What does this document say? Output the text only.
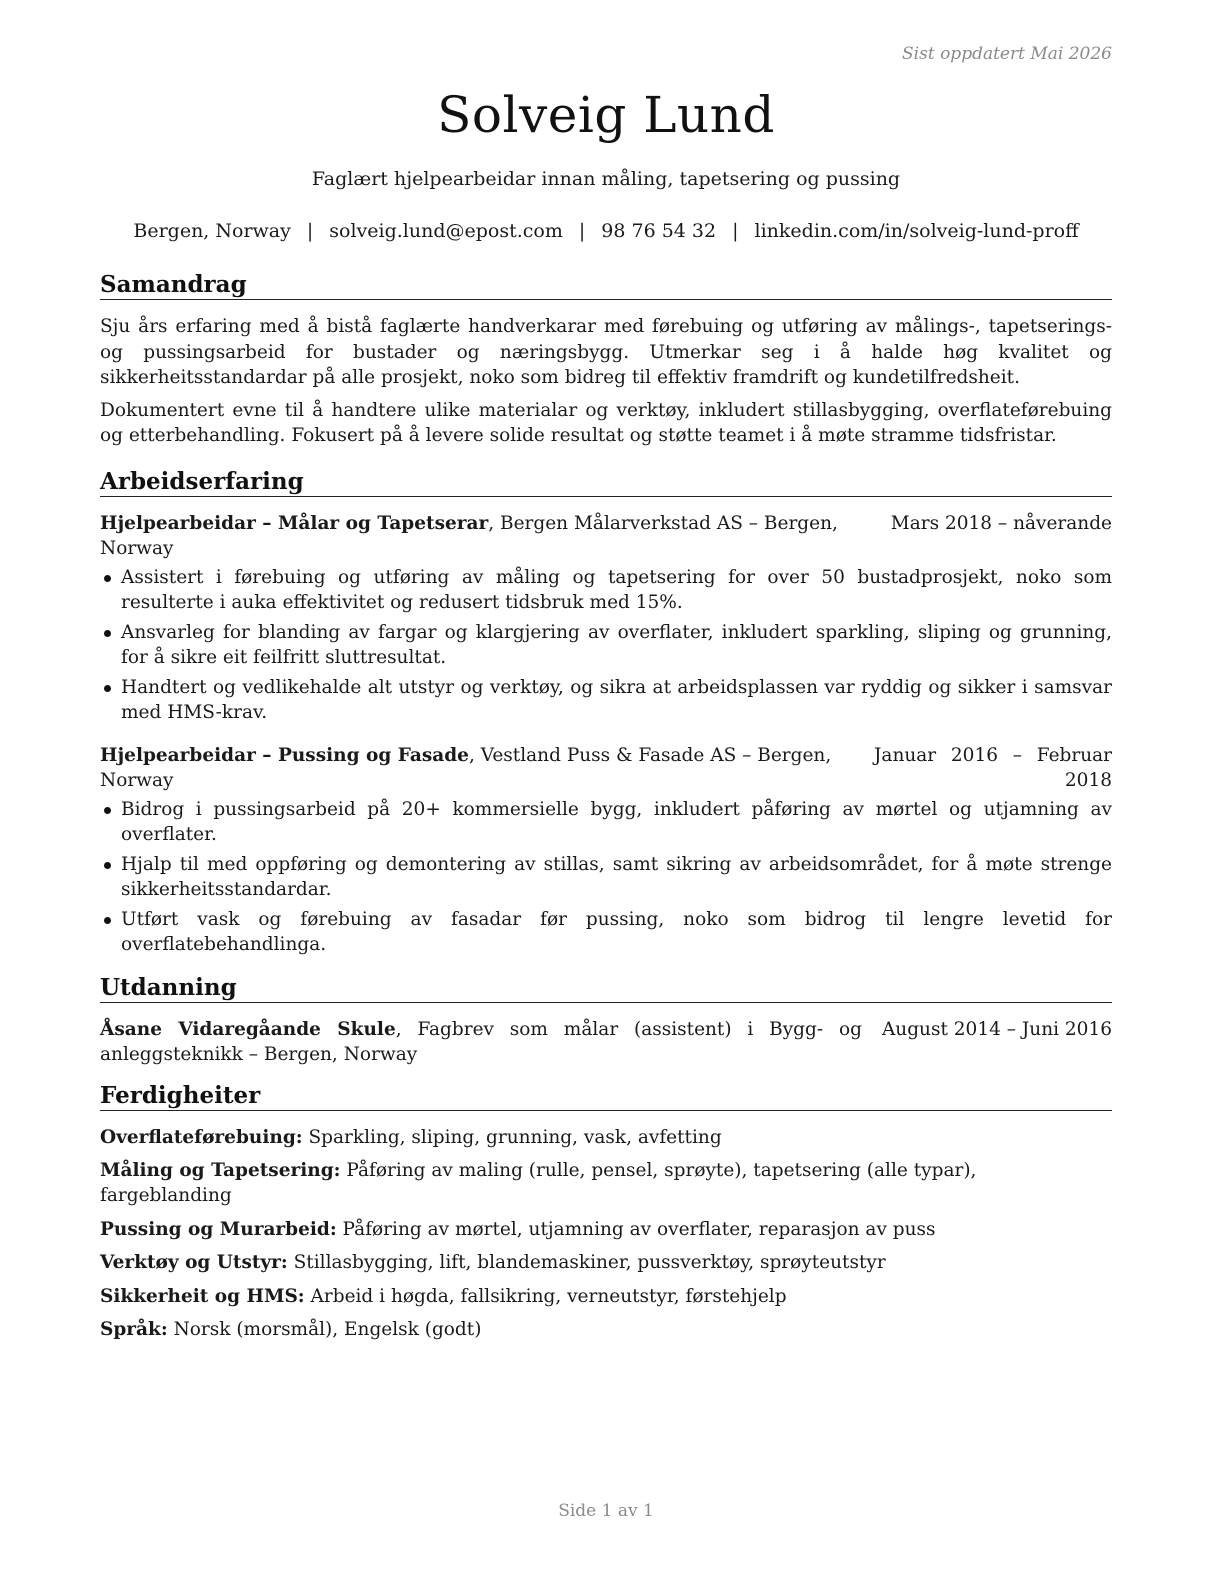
Sist oppdatert Mai 2026
Solveig Lund
Faglært hjelpearbeidar innan måling, tapetsering og pussing
Bergen, Norway | solveig.lund@epost.com | 98 76 54 32 | linkedin.com/in/solveig-lund-proff
Samandrag

Sju års erfaring med å bistå faglærte handverkarar med førebuing og utføring av målings-, tapetserings- og pussingsarbeid for bustader og næringsbygg. Utmerkar seg i å halde høg kvalitet og sikkerheitsstandardar på alle prosjekt, noko som bidreg til effektiv framdrift og kundetilfredsheit.

Dokumentert evne til å handtere ulike materialar og verktøy, inkludert stillasbygging, overflateførebuing og etterbehandling. Fokusert på å levere solide resultat og støtte teamet i å møte stramme tidsfristar.

Arbeidserfaring
Hjelpearbeidar – Målar og Tapetserar, Bergen Målarverkstad AS – Bergen, Norway
Mars 2018 – nåverande
Assistert i førebuing og utføring av måling og tapetsering for over 50 bustadprosjekt, noko som resulterte i auka effektivitet og redusert tidsbruk med 15%.
Ansvarleg for blanding av fargar og klargjering av overflater, inkludert sparkling, sliping og grunning, for å sikre eit feilfritt sluttresultat.
Handtert og vedlikehalde alt utstyr og verktøy, og sikra at arbeidsplassen var ryddig og sikker i samsvar med HMS-krav.
Hjelpearbeidar – Pussing og Fasade, Vestland Puss & Fasade AS – Bergen, Norway
Januar 2016 – Februar 2018
Bidrog i pussingsarbeid på 20+ kommersielle bygg, inkludert påføring av mørtel og utjamning av overflater.
Hjalp til med oppføring og demontering av stillas, samt sikring av arbeidsområdet, for å møte strenge sikkerheitsstandardar.
Utført vask og førebuing av fasadar før pussing, noko som bidrog til lengre levetid for overflatebehandlinga.
Utdanning
Åsane Vidaregåande Skule, Fagbrev som målar (assistent) i Bygg- og anleggsteknikk – Bergen, Norway
August 2014 – Juni 2016
Ferdigheiter
Overflateførebuing: Sparkling, sliping, grunning, vask, avfetting
Måling og Tapetsering: Påføring av maling (rulle, pensel, sprøyte), tapetsering (alle typar), fargeblanding
Pussing og Murarbeid: Påføring av mørtel, utjamning av overflater, reparasjon av puss
Verktøy og Utstyr: Stillasbygging, lift, blandemaskiner, pussverktøy, sprøyteutstyr
Sikkerheit og HMS: Arbeid i høgda, fallsikring, verneutstyr, førstehjelp
Språk: Norsk (morsmål), Engelsk (godt)
Side 1 av 1
